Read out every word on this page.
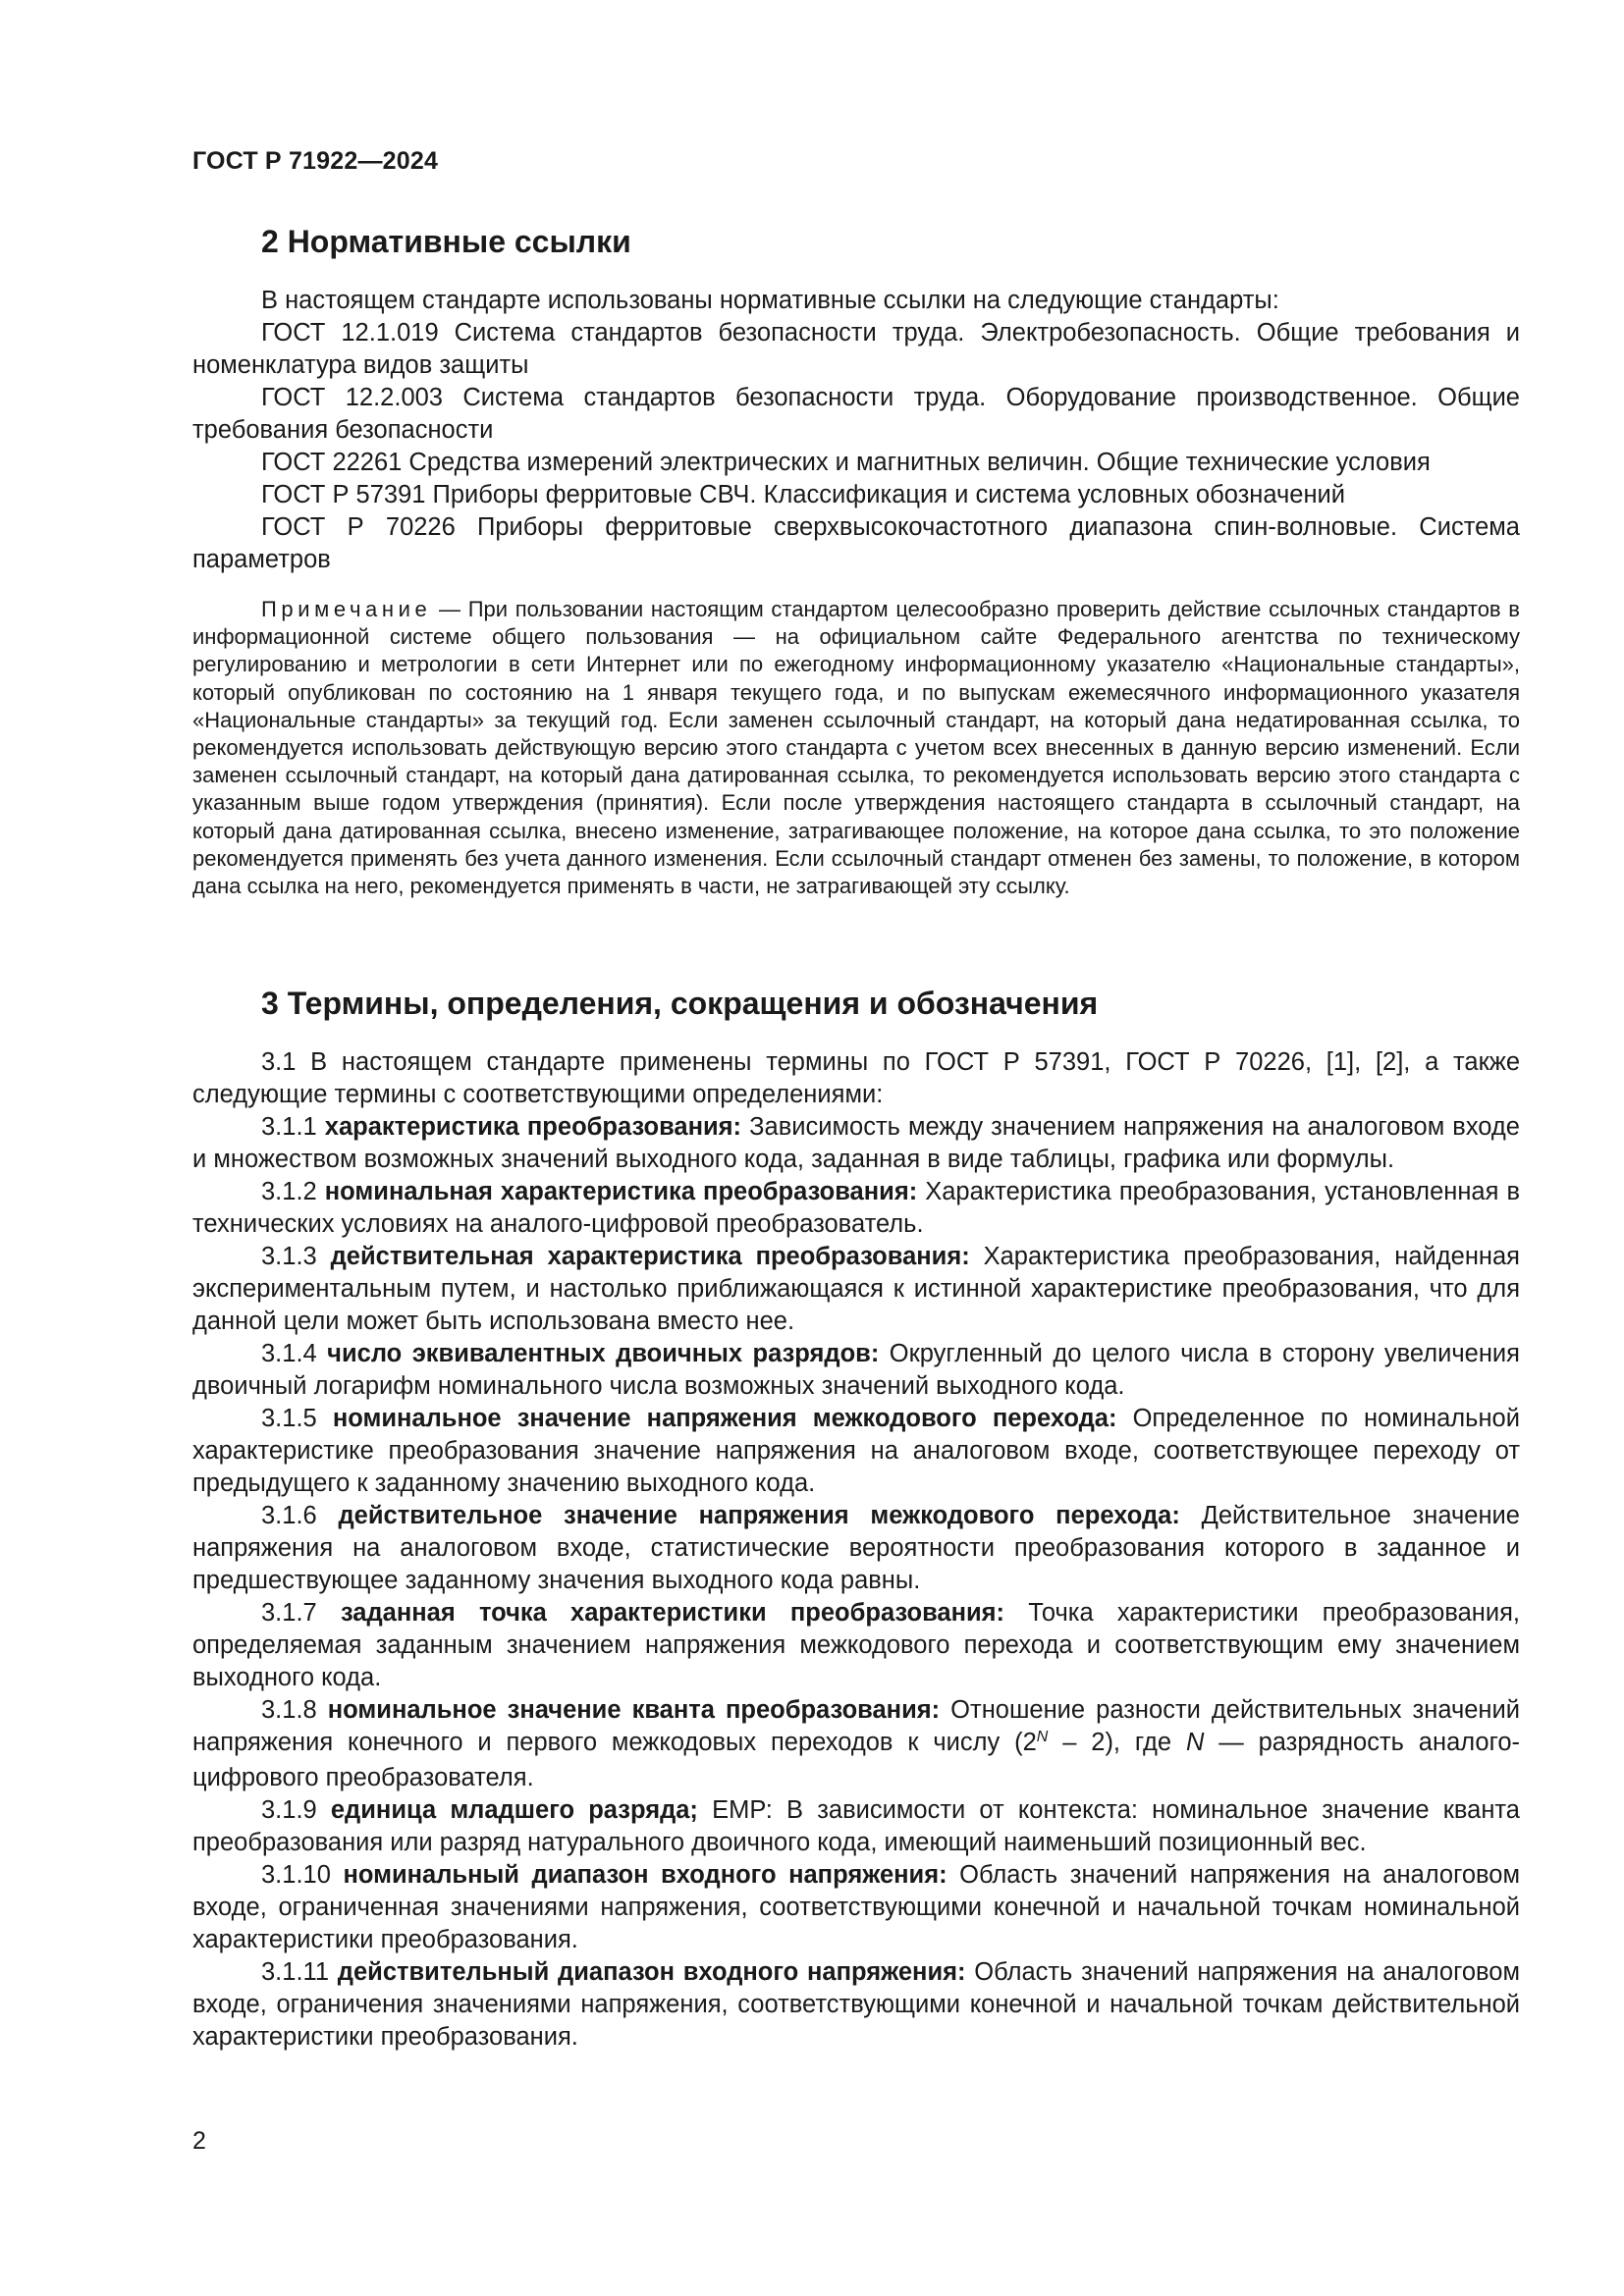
ГОСТ Р 71922—2024
2 Нормативные ссылки

В настоящем стандарте использованы нормативные ссылки на следующие стандарты:

ГОСТ 12.1.019 Система стандартов безопасности труда. Электробезопасность. Общие требования и номенклатура видов защиты

ГОСТ 12.2.003 Система стандартов безопасности труда. Оборудование производственное. Общие требования безопасности

ГОСТ 22261 Средства измерений электрических и магнитных величин. Общие технические условия

ГОСТ Р 57391 Приборы ферритовые СВЧ. Классификация и система условных обозначений

ГОСТ Р 70226 Приборы ферритовые сверхвысокочастотного диапазона спин-волновые. Система параметров

Примечание — При пользовании настоящим стандартом целесообразно проверить действие ссылочных стандартов в информационной системе общего пользования — на официальном сайте Федерального агентства по техническому регулированию и метрологии в сети Интернет или по ежегодному информационному указателю «Национальные стандарты», который опубликован по состоянию на 1 января текущего года, и по выпускам ежемесячного информационного указателя «Национальные стандарты» за текущий год. Если заменен ссылочный стандарт, на который дана недатированная ссылка, то рекомендуется использовать действующую версию этого стандарта с учетом всех внесенных в данную версию изменений. Если заменен ссылочный стандарт, на который дана датированная ссылка, то рекомендуется использовать версию этого стандарта с указанным выше годом утверждения (принятия). Если после утверждения настоящего стандарта в ссылочный стандарт, на который дана датированная ссылка, внесено изменение, затрагивающее положение, на которое дана ссылка, то это положение рекомендуется применять без учета данного изменения. Если ссылочный стандарт отменен без замены, то положение, в котором дана ссылка на него, рекомендуется применять в части, не затрагивающей эту ссылку.

3 Термины, определения, сокращения и обозначения

3.1 В настоящем стандарте применены термины по ГОСТ Р 57391, ГОСТ Р 70226, [1], [2], а также следующие термины с соответствующими определениями:

3.1.1 характеристика преобразования: Зависимость между значением напряжения на аналоговом входе и множеством возможных значений выходного кода, заданная в виде таблицы, графика или формулы.

3.1.2 номинальная характеристика преобразования: Характеристика преобразования, установленная в технических условиях на аналого-цифровой преобразователь.

3.1.3 действительная характеристика преобразования: Характеристика преобразования, найденная экспериментальным путем, и настолько приближающаяся к истинной характеристике преобразования, что для данной цели может быть использована вместо нее.

3.1.4 число эквивалентных двоичных разрядов: Округленный до целого числа в сторону увеличения двоичный логарифм номинального числа возможных значений выходного кода.

3.1.5 номинальное значение напряжения межкодового перехода: Определенное по номинальной характеристике преобразования значение напряжения на аналоговом входе, соответствующее переходу от предыдущего к заданному значению выходного кода.

3.1.6 действительное значение напряжения межкодового перехода: Действительное значение напряжения на аналоговом входе, статистические вероятности преобразования которого в заданное и предшествующее заданному значения выходного кода равны.

3.1.7 заданная точка характеристики преобразования: Точка характеристики преобразования, определяемая заданным значением напряжения межкодового перехода и соответствующим ему значением выходного кода.

3.1.8 номинальное значение кванта преобразования: Отношение разности действительных значений напряжения конечного и первого межкодовых переходов к числу $(2^N - 2)$, где N — разрядность аналого-цифрового преобразователя.

3.1.9 единица младшего разряда; ЕМР: В зависимости от контекста: номинальное значение кванта преобразования или разряд натурального двоичного кода, имеющий наименьший позиционный вес.

3.1.10 номинальный диапазон входного напряжения: Область значений напряжения на аналоговом входе, ограниченная значениями напряжения, соответствующими конечной и начальной точкам номинальной характеристики преобразования.

3.1.11 действительный диапазон входного напряжения: Область значений напряжения на аналоговом входе, ограничения значениями напряжения, соответствующими конечной и начальной точкам действительной характеристики преобразования.

2
